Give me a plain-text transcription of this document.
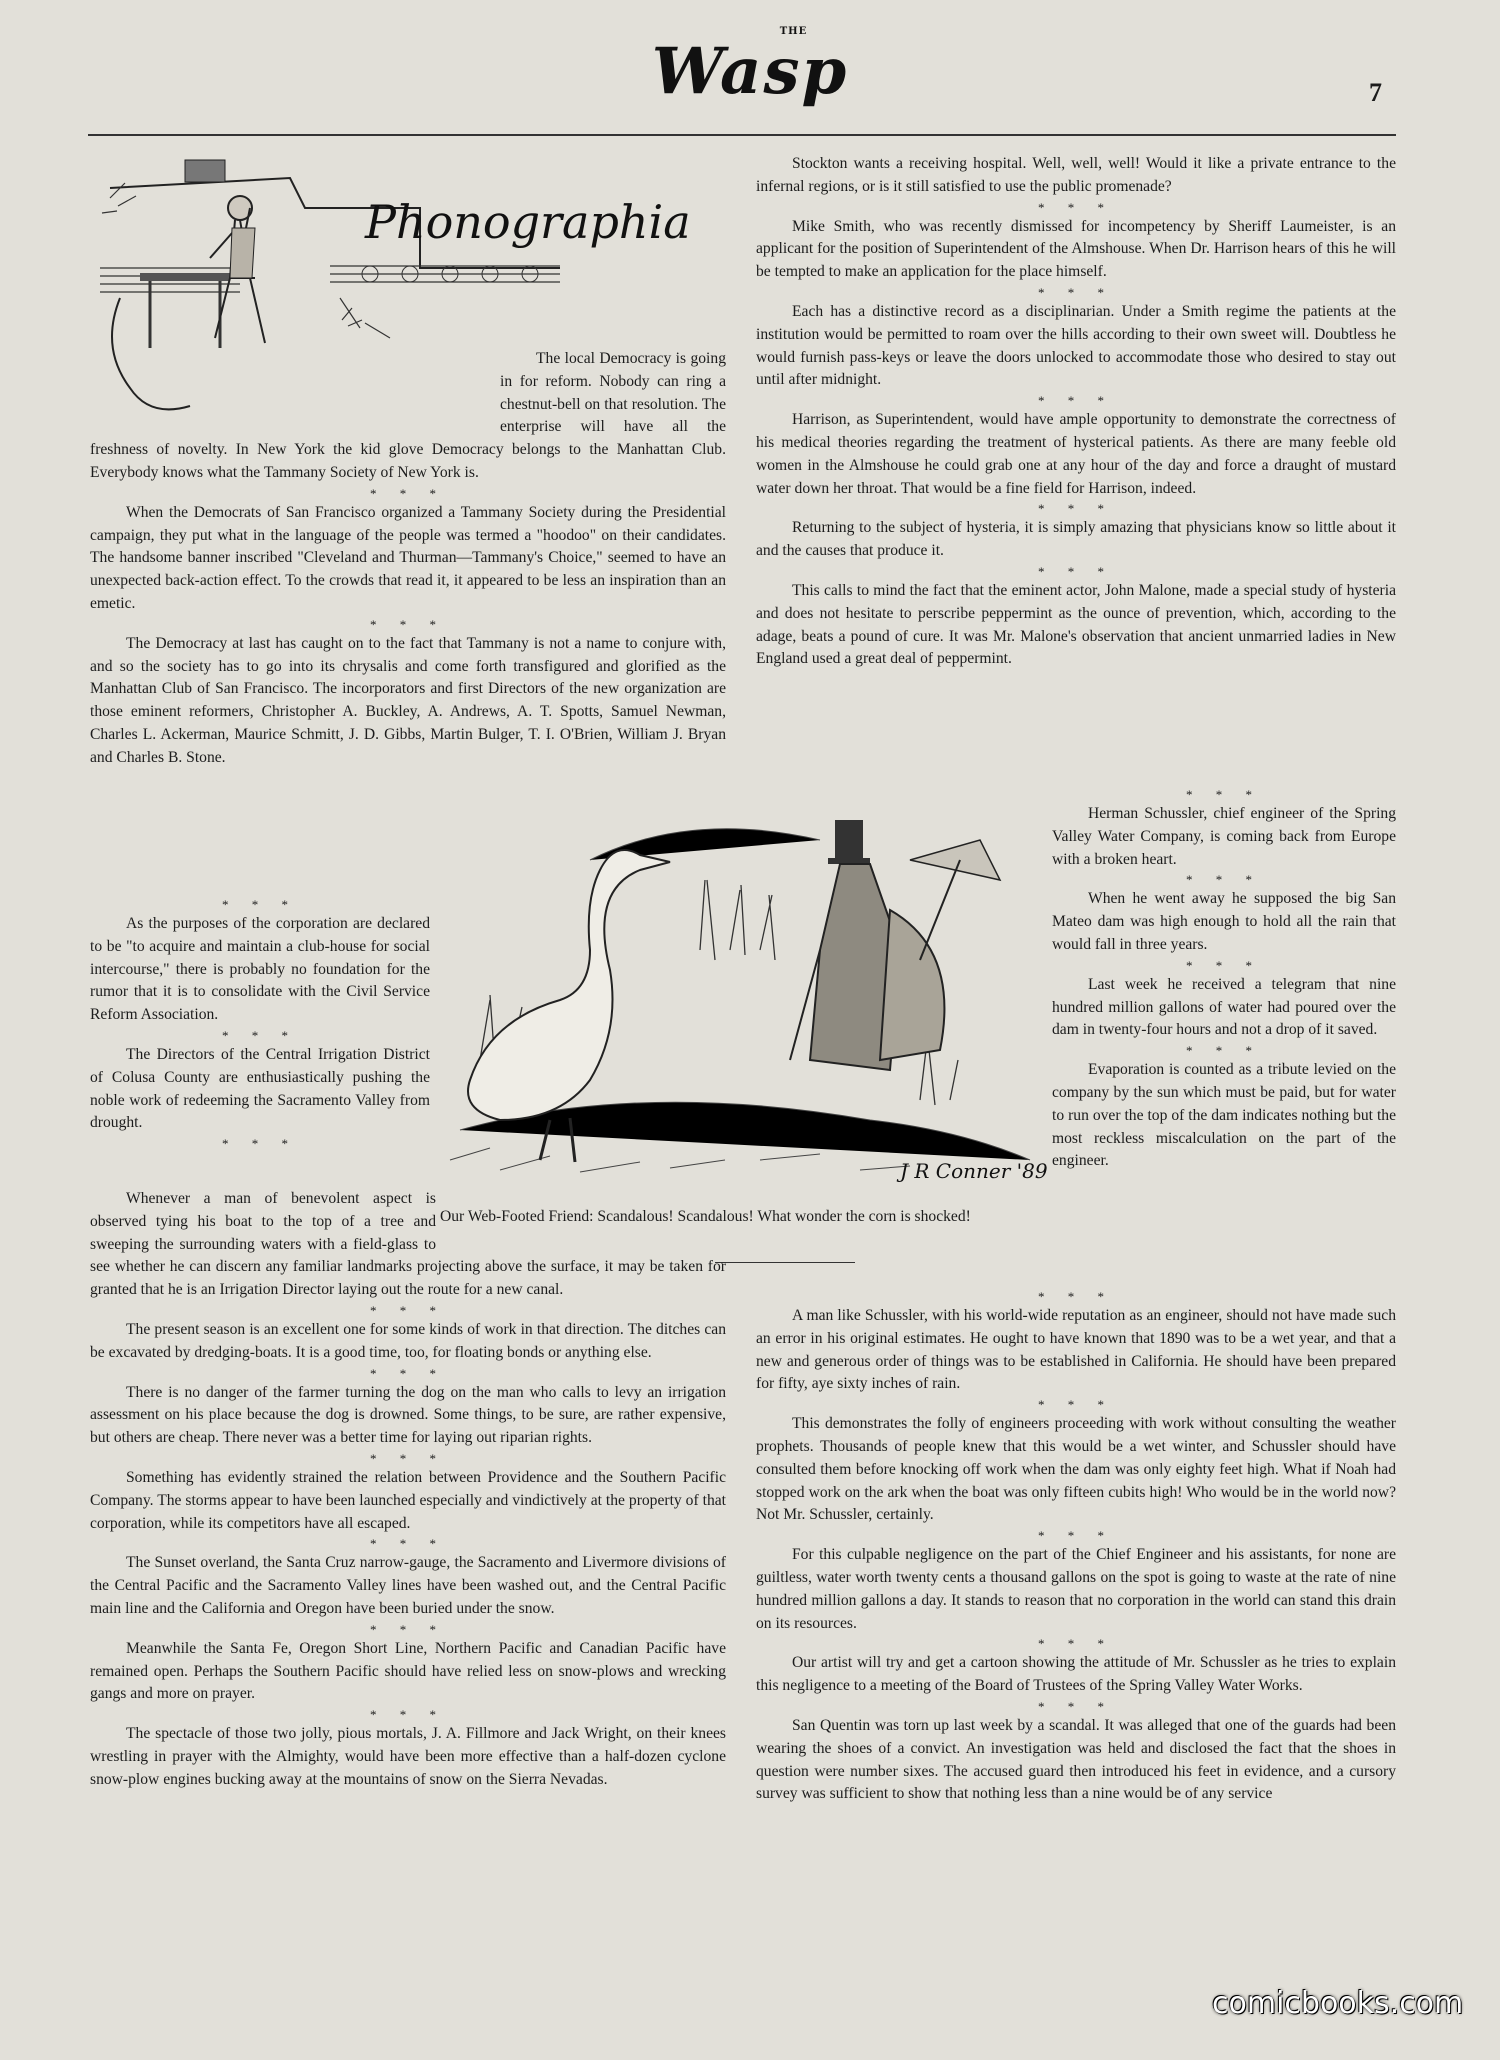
THE
Wasp	7
Phonographia

The local Democracy is going in for reform. Nobody can ring a chestnut-bell on that resolution. The enterprise will have all the freshness of novelty. In New York the kid glove Democracy belongs to the Manhattan Club. Everybody knows what the Tammany Society of New York is.

* * *

When the Democrats of San Francisco organized a Tammany Society during the Presidential campaign, they put what in the language of the people was termed a "hoodoo" on their candidates. The handsome banner inscribed "Cleveland and Thurman—Tammany's Choice," seemed to have an unexpected back-action effect. To the crowds that read it, it appeared to be less an inspiration than an emetic.

* * *

The Democracy at last has caught on to the fact that Tammany is not a name to conjure with, and so the society has to go into its chrysalis and come forth transfigured and glorified as the Manhattan Club of San Francisco. The incorporators and first Directors of the new organization are those eminent reformers, Christopher A. Buckley, A. Andrews, A. T. Spotts, Samuel Newman, Charles L. Ackerman, Maurice Schmitt, J. D. Gibbs, Martin Bulger, T. I. O'Brien, William J. Bryan and Charles B. Stone.

* * *

As the purposes of the corporation are declared to be "to acquire and maintain a club-house for social intercourse," there is probably no foundation for the rumor that it is to consolidate with the Civil Service Reform Association.

* * *

The Directors of the Central Irrigation District of Colusa County are enthusiastically pushing the noble work of redeeming the Sacramento Valley from drought.

* * *

Whenever a man of benevolent aspect is observed tying his boat to the top of a tree and sweeping the surrounding waters with a field-glass to see whether he can discern any familiar landmarks projecting above the surface, it may be taken for granted that he is an Irrigation Director laying out the route for a new canal.

* * *

The present season is an excellent one for some kinds of work in that direction. The ditches can be excavated by dredging-boats. It is a good time, too, for floating bonds or anything else.

* * *

There is no danger of the farmer turning the dog on the man who calls to levy an irrigation assessment on his place because the dog is drowned. Some things, to be sure, are rather expensive, but others are cheap. There never was a better time for laying out riparian rights.

* * *

Something has evidently strained the relation between Providence and the Southern Pacific Company. The storms appear to have been launched especially and vindictively at the property of that corporation, while its competitors have all escaped.

* * *

The Sunset overland, the Santa Cruz narrow-gauge, the Sacramento and Livermore divisions of the Central Pacific and the Sacramento Valley lines have been washed out, and the Central Pacific main line and the California and Oregon have been buried under the snow.

* * *

Meanwhile the Santa Fe, Oregon Short Line, Northern Pacific and Canadian Pacific have remained open. Perhaps the Southern Pacific should have relied less on snow-plows and wrecking gangs and more on prayer.

* * *

The spectacle of those two jolly, pious mortals, J. A. Fillmore and Jack Wright, on their knees wrestling in prayer with the Almighty, would have been more effective than a half-dozen cyclone snow-plow engines bucking away at the mountains of snow on the Sierra Nevadas.

J R Conner '89
Our Web-Footed Friend: Scandalous! Scandalous! What wonder the corn is shocked!

Stockton wants a receiving hospital. Well, well, well! Would it like a private entrance to the infernal regions, or is it still satisfied to use the public promenade?

* * *

Mike Smith, who was recently dismissed for incompetency by Sheriff Laumeister, is an applicant for the position of Superintendent of the Almshouse. When Dr. Harrison hears of this he will be tempted to make an application for the place himself.

* * *

Each has a distinctive record as a disciplinarian. Under a Smith regime the patients at the institution would be permitted to roam over the hills according to their own sweet will. Doubtless he would furnish pass-keys or leave the doors unlocked to accommodate those who desired to stay out until after midnight.

* * *

Harrison, as Superintendent, would have ample opportunity to demonstrate the correctness of his medical theories regarding the treatment of hysterical patients. As there are many feeble old women in the Almshouse he could grab one at any hour of the day and force a draught of mustard water down her throat. That would be a fine field for Harrison, indeed.

* * *

Returning to the subject of hysteria, it is simply amazing that physicians know so little about it and the causes that produce it.

* * *

This calls to mind the fact that the eminent actor, John Malone, made a special study of hysteria and does not hesitate to perscribe peppermint as the ounce of prevention, which, according to the adage, beats a pound of cure. It was Mr. Malone's observation that ancient unmarried ladies in New England used a great deal of peppermint.

* * *

Herman Schussler, chief engineer of the Spring Valley Water Company, is coming back from Europe with a broken heart.

* * *

When he went away he supposed the big San Mateo dam was high enough to hold all the rain that would fall in three years.

* * *

Last week he received a telegram that nine hundred million gallons of water had poured over the dam in twenty-four hours and not a drop of it saved.

* * *

Evaporation is counted as a tribute levied on the company by the sun which must be paid, but for water to run over the top of the dam indicates nothing but the most reckless miscalculation on the part of the engineer.

* * *

A man like Schussler, with his world-wide reputation as an engineer, should not have made such an error in his original estimates. He ought to have known that 1890 was to be a wet year, and that a new and generous order of things was to be established in California. He should have been prepared for fifty, aye sixty inches of rain.

* * *

This demonstrates the folly of engineers proceeding with work without consulting the weather prophets. Thousands of people knew that this would be a wet winter, and Schussler should have consulted them before knocking off work when the dam was only eighty feet high. What if Noah had stopped work on the ark when the boat was only fifteen cubits high! Who would be in the world now? Not Mr. Schussler, certainly.

* * *

For this culpable negligence on the part of the Chief Engineer and his assistants, for none are guiltless, water worth twenty cents a thousand gallons on the spot is going to waste at the rate of nine hundred million gallons a day. It stands to reason that no corporation in the world can stand this drain on its resources.

* * *

Our artist will try and get a cartoon showing the attitude of Mr. Schussler as he tries to explain this negligence to a meeting of the Board of Trustees of the Spring Valley Water Works.

* * *

San Quentin was torn up last week by a scandal. It was alleged that one of the guards had been wearing the shoes of a convict. An investigation was held and disclosed the fact that the shoes in question were number sixes. The accused guard then introduced his feet in evidence, and a cursory survey was sufficient to show that nothing less than a nine would be of any service

comicbooks.com
